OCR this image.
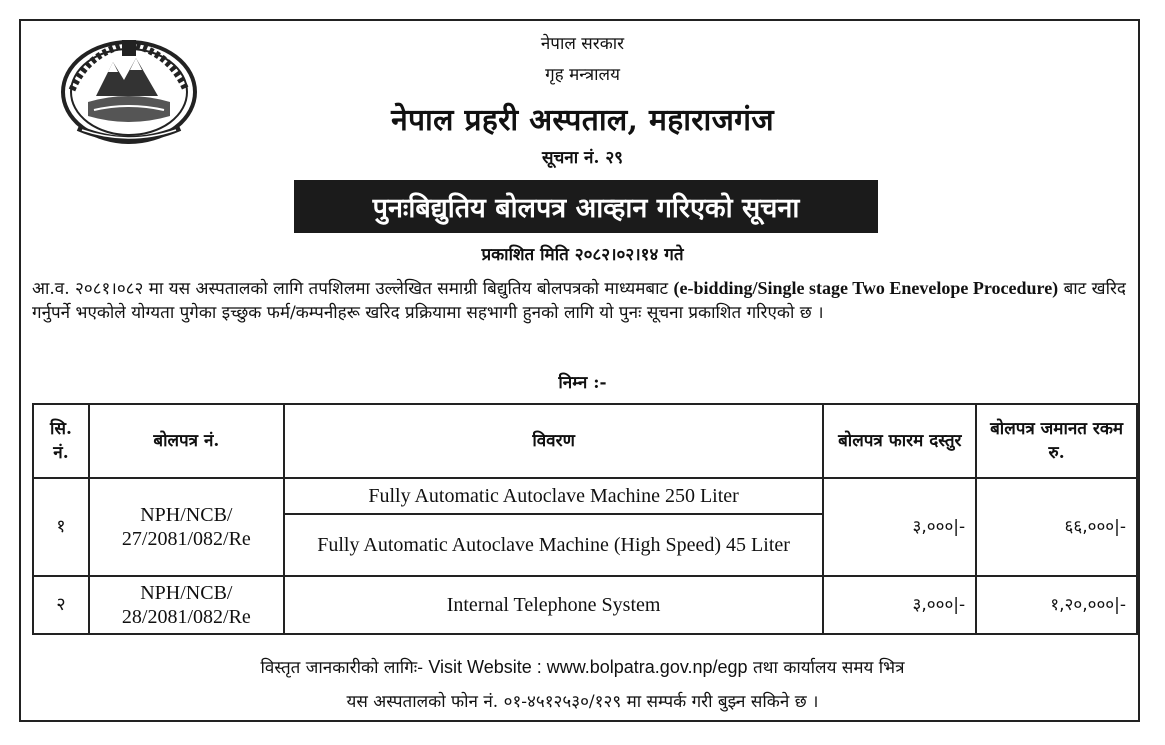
नेपाल सरकार
गृह मन्त्रालय
नेपाल प्रहरी अस्पताल, महाराजगंज
सूचना नं. २९
पुनःबिद्युतिय बोलपत्र आव्हान गरिएको सूचना
प्रकाशित मिति २०८२।०२।१४ गते
आ.व. २०८१।०८२ मा यस अस्पतालको लागि तपशिलमा उल्लेखित समाग्री बिद्युतिय बोलपत्रको माध्यमबाट (e-bidding/Single stage Two Enevelope Procedure) बाट खरिद गर्नुपर्ने भएकोले योग्यता पुगेका इच्छुक फर्म/कम्पनीहरू खरिद प्रक्रियामा सहभागी हुनको लागि यो पुनः सूचना प्रकाशित गरिएको छ ।
निम्न :-
सि. नं.	बोलपत्र नं.	विवरण	बोलपत्र फारम दस्तुर	बोलपत्र जमानत रकम रु.
१	NPH/NCB/ 27/2081/082/Re	Fully Automatic Autoclave Machine 250 Liter	३,०००|-	६६,०००|-
		Fully Automatic Autoclave Machine (High Speed) 45 Liter		
२	NPH/NCB/ 28/2081/082/Re	Internal Telephone System	३,०००|-	१,२०,०००|-
विस्तृत जानकारीको लागिः- Visit Website : www.bolpatra.gov.np/egp तथा कार्यालय समय भित्र
यस अस्पतालको फोन नं. ०१-४५१२५३०/१२९ मा सम्पर्क गरी बुझ्न सकिने छ ।
